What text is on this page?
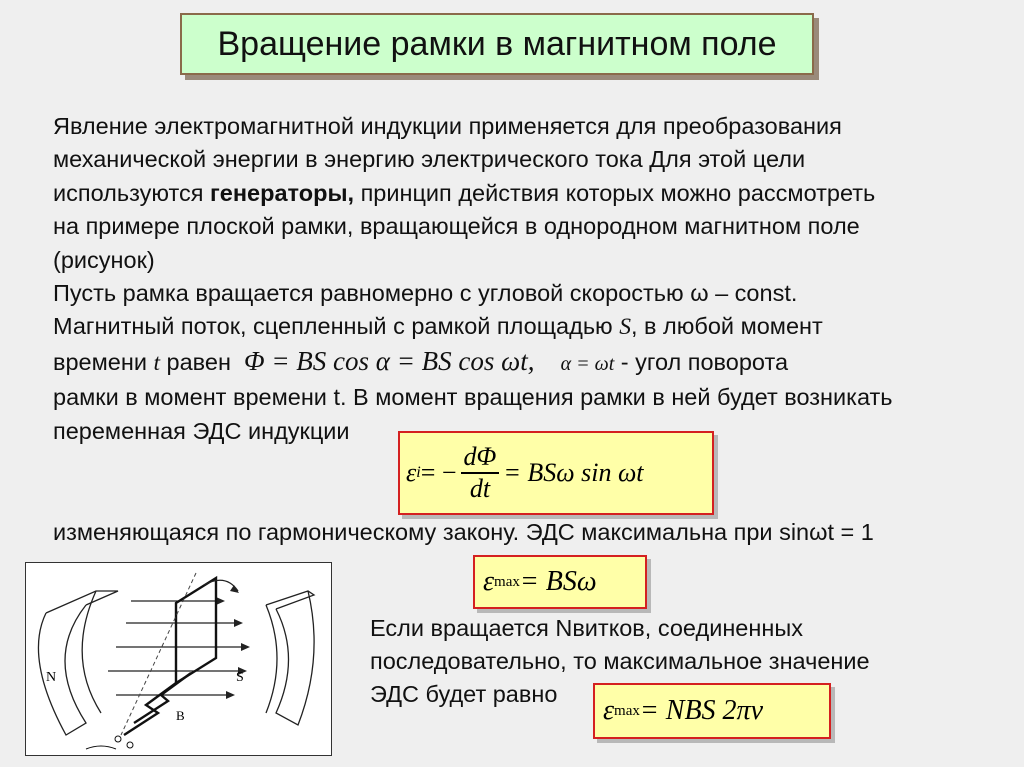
Вращение рамки в магнитном поле
Явление электромагнитной индукции применяется для преобразования
механической энергии в энергию электрического тока Для этой цели
используются генераторы, принцип действия которых можно рассмотреть
на примере плоской рамки, вращающейся в однородном магнитном поле
(рисунок)
Пусть рамка вращается равномерно с угловой скоростью ω – const.
Магнитный поток, сцепленный с рамкой площадью S, в любой момент
времени t равен Φ = BS cos α = BS cos ωt, α = ωt - угол поворота
рамки в момент времени t. В момент вращения рамки в ней будет возникать
переменная ЭДС индукции
ε i = − $\frac{d\Phi}{dt} = BS\omega$ sin ωt
изменяющаяся по гармоническому закону. ЭДС максимальна при sinωt = 1
ε max = BSω
Если вращается Nвитков, соединенных
последовательно, то максимальное значение
ЭДС будет равно
ε max = NBS 2πν
N	S
B
